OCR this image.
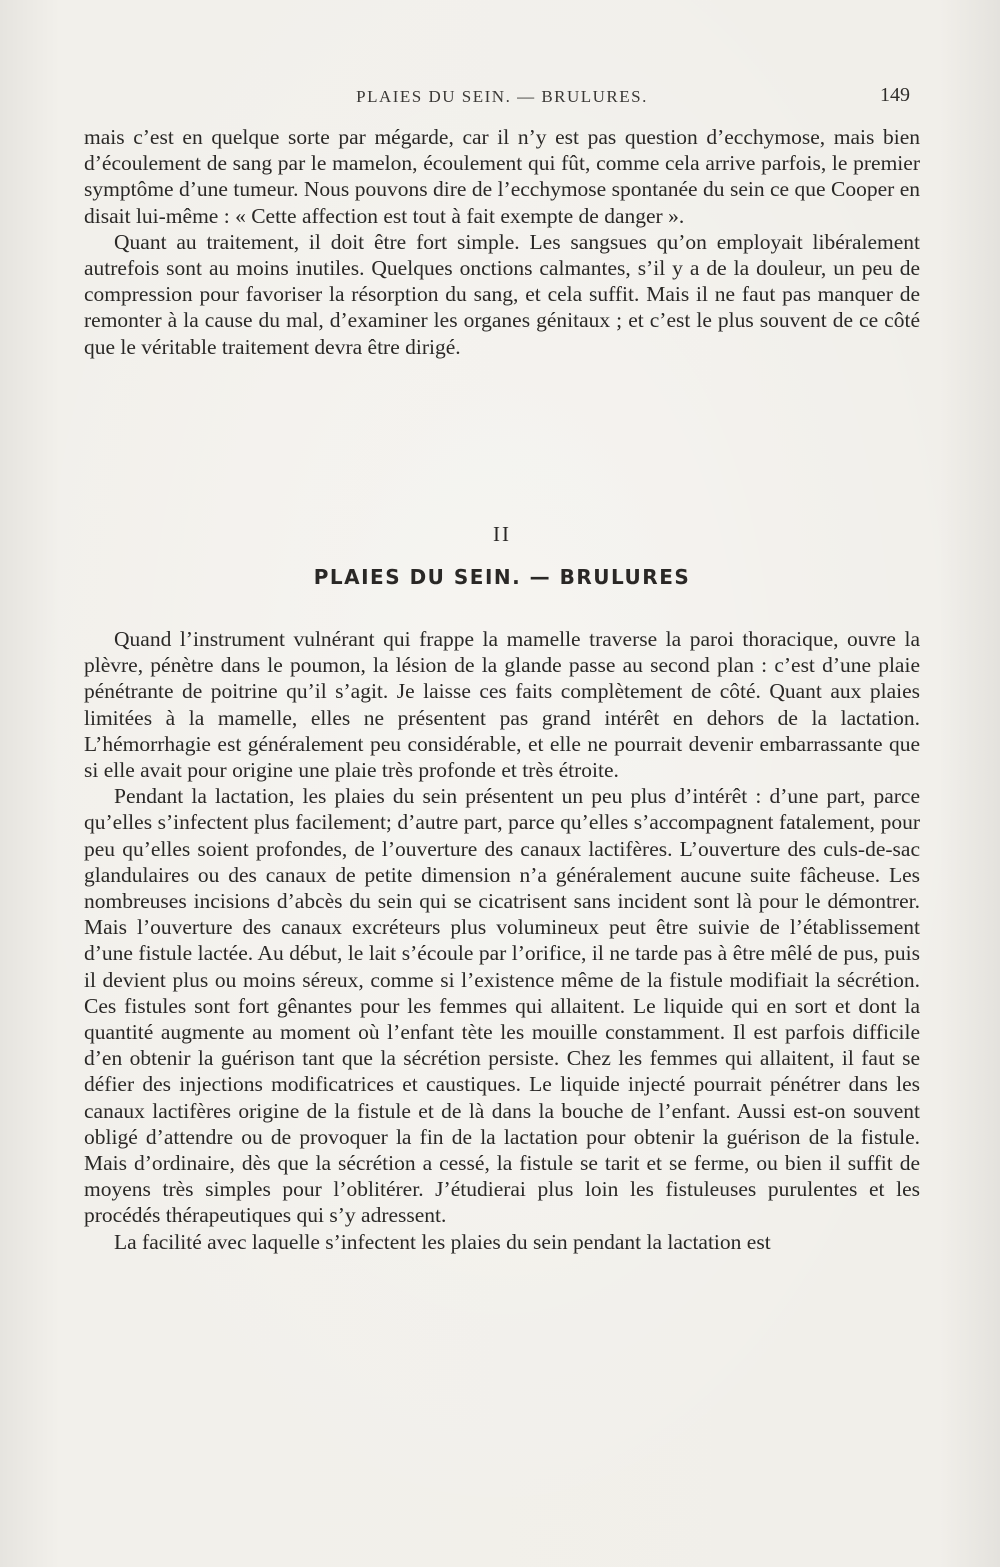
PLAIES DU SEIN. — BRULURES.	149

mais c’est en quelque sorte par mégarde, car il n’y est pas question d’ecchymose, mais bien d’écoulement de sang par le mamelon, écoulement qui fût, comme cela arrive parfois, le premier symptôme d’une tumeur. Nous pouvons dire de l’ecchymose spontanée du sein ce que Cooper en disait lui-même : « Cette affection est tout à fait exempte de danger ».

Quant au traitement, il doit être fort simple. Les sangsues qu’on employait libéralement autrefois sont au moins inutiles. Quelques onctions calmantes, s’il y a de la douleur, un peu de compression pour favoriser la résorption du sang, et cela suffit. Mais il ne faut pas manquer de remonter à la cause du mal, d’examiner les organes génitaux ; et c’est le plus souvent de ce côté que le véritable traitement devra être dirigé.

II
PLAIES DU SEIN. — BRULURES

Quand l’instrument vulnérant qui frappe la mamelle traverse la paroi thoracique, ouvre la plèvre, pénètre dans le poumon, la lésion de la glande passe au second plan : c’est d’une plaie pénétrante de poitrine qu’il s’agit. Je laisse ces faits complètement de côté. Quant aux plaies limitées à la mamelle, elles ne présentent pas grand intérêt en dehors de la lactation. L’hémorrhagie est généralement peu considérable, et elle ne pourrait devenir embarrassante que si elle avait pour origine une plaie très profonde et très étroite.

Pendant la lactation, les plaies du sein présentent un peu plus d’intérêt : d’une part, parce qu’elles s’infectent plus facilement; d’autre part, parce qu’elles s’accompagnent fatalement, pour peu qu’elles soient profondes, de l’ouverture des canaux lactifères. L’ouverture des culs-de-sac glandulaires ou des canaux de petite dimension n’a généralement aucune suite fâcheuse. Les nombreuses incisions d’abcès du sein qui se cicatrisent sans incident sont là pour le démontrer. Mais l’ouverture des canaux excréteurs plus volumineux peut être suivie de l’établissement d’une fistule lactée. Au début, le lait s’écoule par l’orifice, il ne tarde pas à être mêlé de pus, puis il devient plus ou moins séreux, comme si l’existence même de la fistule modifiait la sécrétion. Ces fistules sont fort gênantes pour les femmes qui allaitent. Le liquide qui en sort et dont la quantité augmente au moment où l’enfant tète les mouille constamment. Il est parfois difficile d’en obtenir la guérison tant que la sécrétion persiste. Chez les femmes qui allaitent, il faut se défier des injections modificatrices et caustiques. Le liquide injecté pourrait pénétrer dans les canaux lactifères origine de la fistule et de là dans la bouche de l’enfant. Aussi est-on souvent obligé d’attendre ou de provoquer la fin de la lactation pour obtenir la guérison de la fistule. Mais d’ordinaire, dès que la sécrétion a cessé, la fistule se tarit et se ferme, ou bien il suffit de moyens très simples pour l’oblitérer. J’étudierai plus loin les fistuleuses purulentes et les procédés thérapeutiques qui s’y adressent.

La facilité avec laquelle s’infectent les plaies du sein pendant la lactation est
